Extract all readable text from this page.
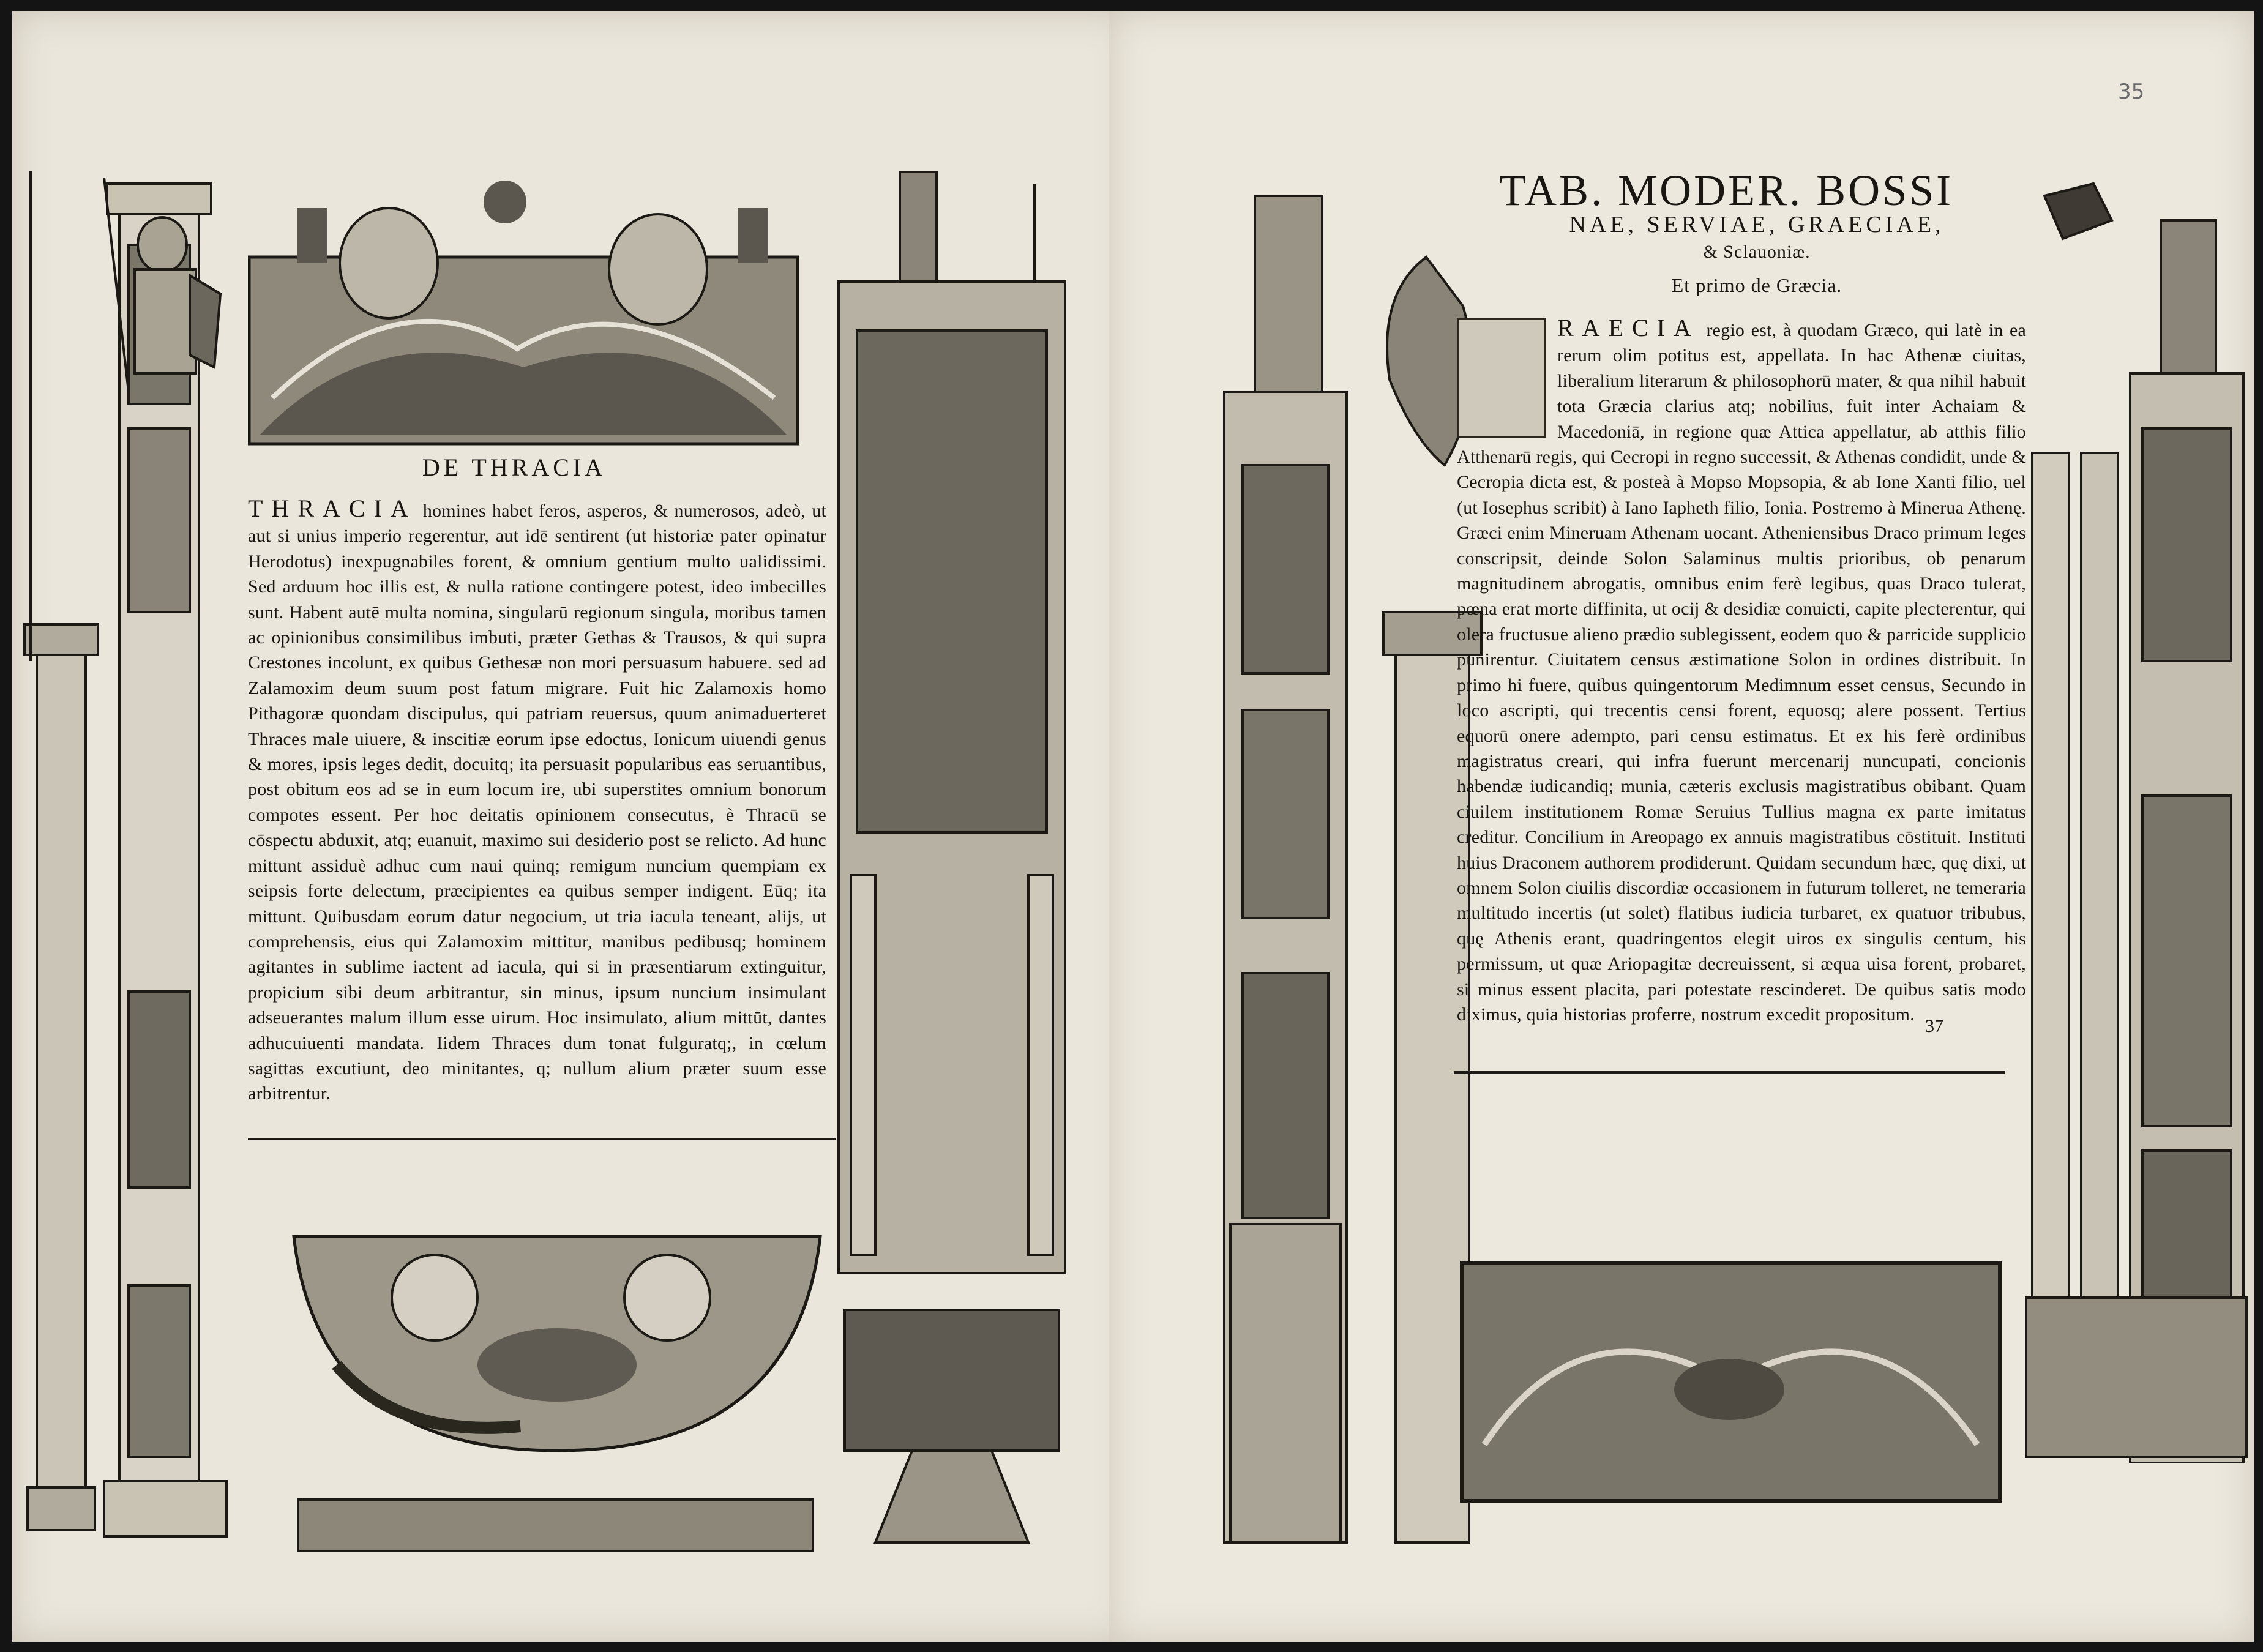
DE THRACIA
THRACIA homines habet feros, asperos, & numerosos, adeò, ut aut si unius imperio regerentur, aut idē sentirent (ut historiæ pater opinatur Herodotus) inexpugnabiles forent, & omnium gentium multo ualidissimi. Sed arduum hoc illis est, & nulla ratione contingere potest, ideo imbecilles sunt. Habent autē multa nomina, singularū regionum singula, moribus tamen ac opinionibus consimilibus imbuti, præter Gethas & Trausos, & qui supra Crestones incolunt, ex quibus Gethesæ non mori persuasum habuere. sed ad Zalamoxim deum suum post fatum migrare. Fuit hic Zalamoxis homo Pithagoræ quondam discipulus, qui patriam reuersus, quum animaduerteret Thraces male uiuere, & inscitiæ eorum ipse edoctus, Ionicum uiuendi genus & mores, ipsis leges dedit, docuitq; ita persuasit popularibus eas seruantibus, post obitum eos ad se in eum locum ire, ubi superstites omnium bonorum compotes essent. Per hoc deitatis opinionem consecutus, è Thracū se cōspectu abduxit, atq; euanuit, maximo sui desiderio post se relicto. Ad hunc mittunt assiduè adhuc cum naui quinq; remigum nuncium quempiam ex seipsis forte delectum, præcipientes ea quibus semper indigent. Eūq; ita mittunt. Quibusdam eorum datur negocium, ut tria iacula teneant, alijs, ut comprehensis, eius qui Zalamoxim mittitur, manibus pedibusq; hominem agitantes in sublime iactent ad iacula, qui si in præsentiarum extinguitur, propicium sibi deum arbitrantur, sin minus, ipsum nuncium insimulant adseuerantes malum illum esse uirum. Hoc insimulato, alium mittūt, dantes adhucuiuenti mandata. Iidem Thraces dum tonat fulguratq;, in cœlum sagittas excutiunt, deo minitantes, q; nullum alium præter suum esse arbitrentur.
35
TAB. MODER. BOSSI
NAE, SERVIAE, GRAECIAE,
& Sclauoniæ.
Et primo de Græcia.
RAECIA regio est, à quodam Græco, qui latè in ea rerum olim potitus est, appellata. In hac Athenæ ciuitas, liberalium literarum & philosophorū mater, & qua nihil habuit tota Græcia clarius atq; nobilius, fuit inter Achaiam & Macedoniā, in regione quæ Attica appellatur, ab atthis filio Atthenarū regis, qui Cecropi in regno successit, & Athenas condidit, unde & Cecropia dicta est, & posteà à Mopso Mopsopia, & ab Ione Xanti filio, uel (ut Iosephus scribit) à Iano Iapheth filio, Ionia. Postremo à Minerua Athenę. Græci enim Mineruam Athenam uocant. Atheniensibus Draco primum leges conscripsit, deinde Solon Salaminus multis prioribus, ob penarum magnitudinem abrogatis, omnibus enim ferè legibus, quas Draco tulerat, pœna erat morte diffinita, ut ocij & desidiæ conuicti, capite plecterentur, qui olera fructusue alieno prædio sublegissent, eodem quo & parricide supplicio punirentur. Ciuitatem census æstimatione Solon in ordines distribuit. In primo hi fuere, quibus quingentorum Medimnum esset census, Secundo in loco ascripti, qui trecentis censi forent, equosq; alere possent. Tertius equorū onere adempto, pari censu estimatus. Et ex his ferè ordinibus magistratus creari, qui infra fuerunt mercenarij nuncupati, concionis habendæ iudicandiq; munia, cæteris exclusis magistratibus obibant. Quam ciuilem institutionem Romæ Seruius Tullius magna ex parte imitatus creditur. Concilium in Areopago ex annuis magistratibus cōstituit. Instituti huius Draconem authorem prodiderunt. Quidam secundum hæc, quę dixi, ut omnem Solon ciuilis discordiæ occasionem in futurum tolleret, ne temeraria multitudo incertis (ut solet) flatibus iudicia turbaret, ex quatuor tribubus, quę Athenis erant, quadringentos elegit uiros ex singulis centum, his permissum, ut quæ Ariopagitæ decreuissent, si æqua uisa forent, probaret, si minus essent placita, pari potestate rescinderet. De quibus satis modo diximus, quia historias proferre, nostrum excedit propositum.
37
